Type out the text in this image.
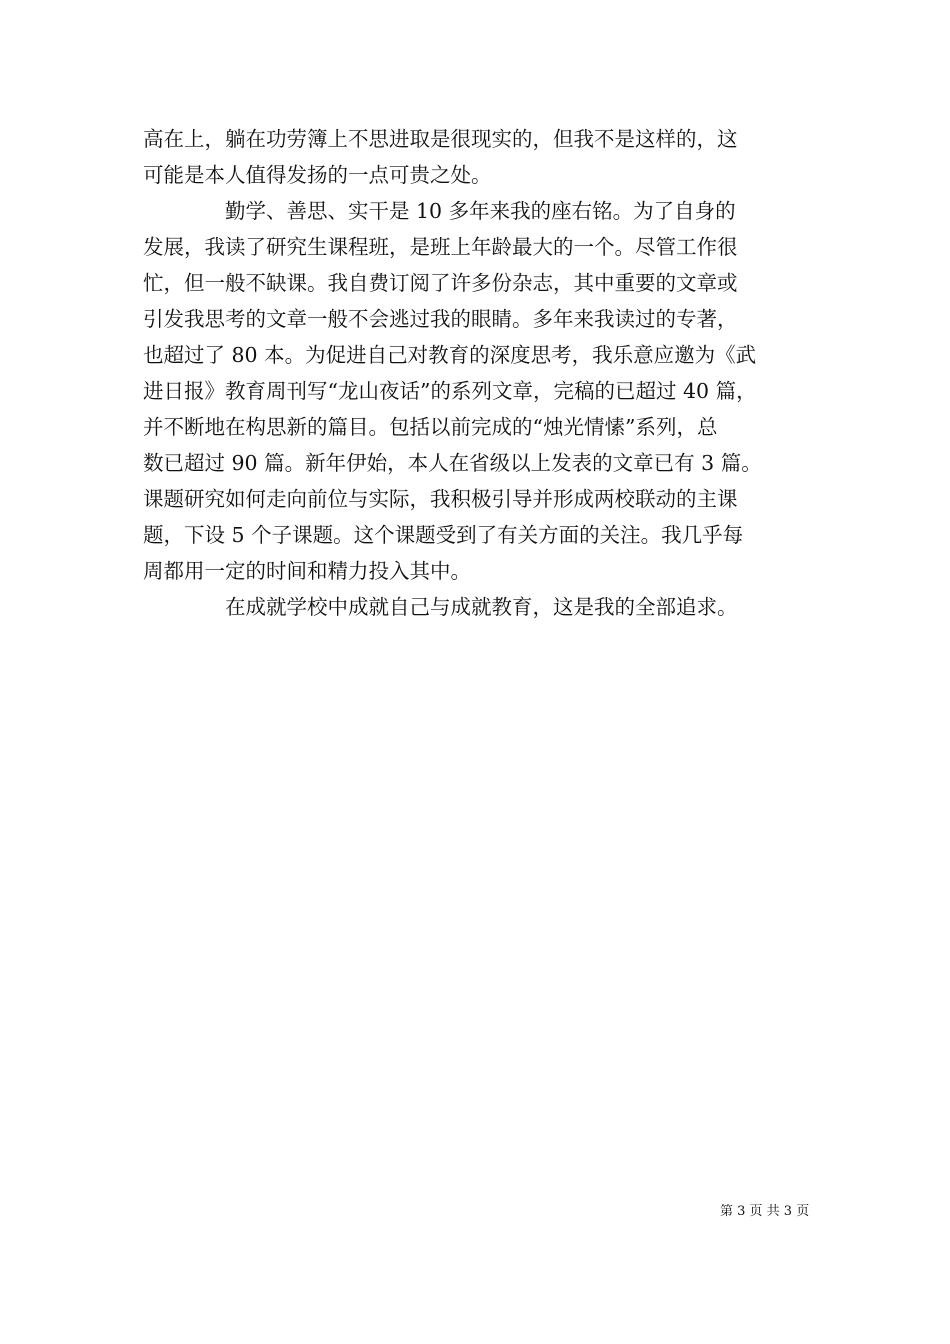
高在上，躺在功劳簿上不思进取是很现实的，但我不是这样的，这
可能是本人值得发扬的一点可贵之处。
　　　　勤学、善思、实干是 10 多年来我的座右铭。为了自身的
发展，我读了研究生课程班，是班上年龄最大的一个。尽管工作很
忙，但一般不缺课。我自费订阅了许多份杂志，其中重要的文章或
引发我思考的文章一般不会逃过我的眼睛。多年来我读过的专著，
也超过了 80 本。为促进自己对教育的深度思考，我乐意应邀为《武
进日报》教育周刊写“龙山夜话”的系列文章，完稿的已超过 40 篇，
并不断地在构思新的篇目。包括以前完成的“烛光情愫”系列，总
数已超过 90 篇。新年伊始，本人在省级以上发表的文章已有 3 篇。
课题研究如何走向前位与实际，我积极引导并形成两校联动的主课
题，下设 5 个子课题。这个课题受到了有关方面的关注。我几乎每
周都用一定的时间和精力投入其中。
　　　　在成就学校中成就自己与成就教育，这是我的全部追求。
第 3 页 共 3 页
